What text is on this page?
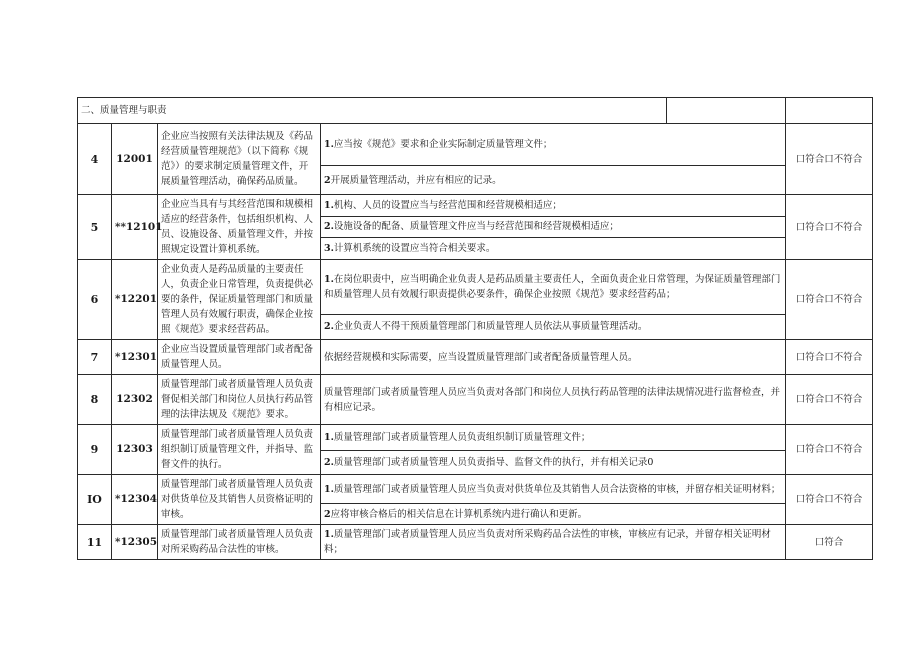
二、质量管理与职责					
4	12001	企业应当按照有关法律法规及《药品经营质量管理规范》（以下简称《规范》）的要求制定质量管理文件，开展质量管理活动，确保药品质量。	1.应当按《规范》要求和企业实际制定质量管理文件；		口符合口不符合
			2开展质量管理活动，并应有相应的记录。		
5	**12101	企业应当具有与其经营范围和规模相适应的经营条件，包括组织机构、人员、设施设备、质量管理文件，并按照规定设置计算机系统。	1.机构、人员的设置应当与经营范围和经营规模相适应；		口符合口不符合
			2.设施设备的配备、质量管理文件应当与经营范围和经营规模相适应；		
			3.计算机系统的设置应当符合相关要求。		
6	*12201	企业负责人是药品质量的主要责任人，负责企业日常管理，负责提供必要的条件，保证质量管理部门和质量管理人员有效履行职责，确保企业按照《规范》要求经营药品。	1.在岗位职责中，应当明确企业负责人是药品质量主要责任人，全面负责企业日常管理，为保证质量管理部门和质量管理人员有效履行职责提供必要条件，确保企业按照《规范》要求经营药品；		口符合口不符合
			2.企业负责人不得干预质量管理部门和质量管理人员依法从事质量管理活动。		
7	*12301	企业应当设置质量管理部门或者配备质量管理人员。	依据经营规模和实际需要，应当设置质量管理部门或者配备质量管理人员。		口符合口不符合
8	12302	质量管理部门或者质量管理人员负责督促相关部门和岗位人员执行药品管理的法律法规及《规范》要求。	质量管理部门或者质量管理人员应当负责对各部门和岗位人员执行药品管理的法律法规情况进行监督检查，并有相应记录。		口符合口不符合
9	12303	质量管理部门或者质量管理人员负责组织制订质量管理文件，并指导、监督文件的执行。	1.质量管理部门或者质量管理人员负责组织制订质量管理文件；		口符合口不符合
			2.质量管理部门或者质量管理人员负责指导、监督文件的执行，并有相关记录0		
IO	*12304	质量管理部门或者质量管理人员负责对供货单位及其销售人员资格证明的审核。	1.质量管理部门或者质量管理人员应当负责对供货单位及其销售人员合法资格的审核，并留存相关证明材料；		口符合口不符合
			2应将审核合格后的相关信息在计算机系统内进行确认和更新。		
11	*12305	质量管理部门或者质量管理人员负责对所采购药品合法性的审核。	1.质量管理部门或者质量管理人员应当负责对所采购药品合法性的审核，审核应有记录，并留存相关证明材料；		口符合
